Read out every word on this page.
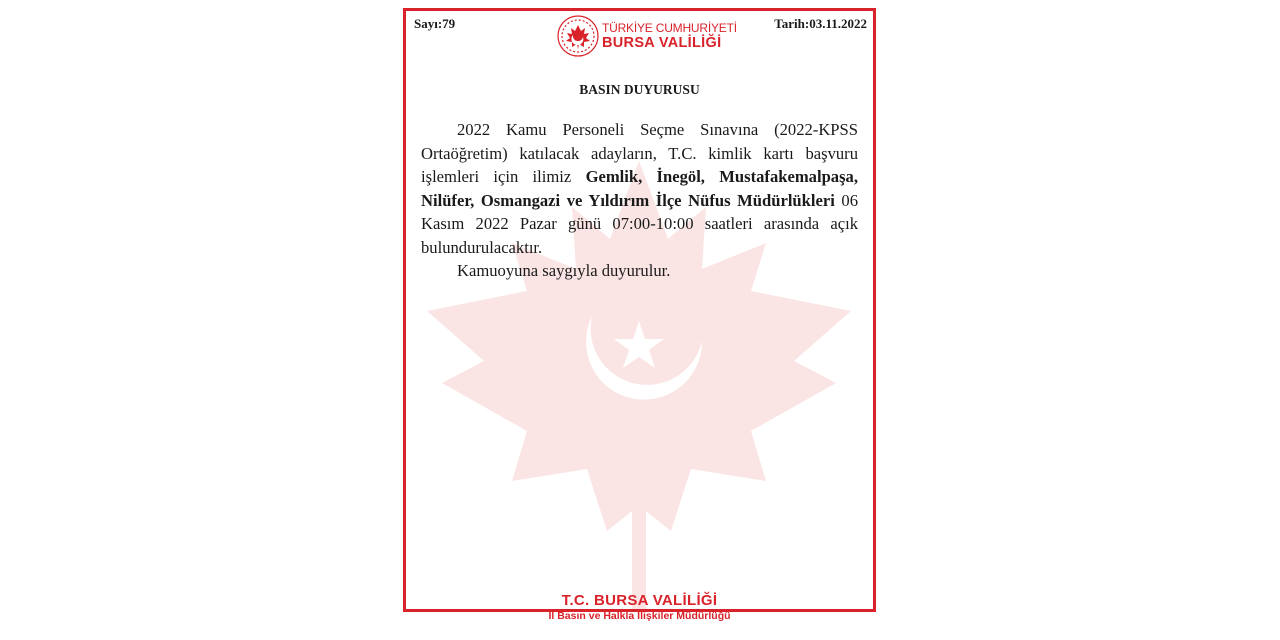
Sayı:79	Tarih:03.11.2022
TÜRKİYE CUMHURİYETİ
BURSA VALİLİĞİ
BASIN DUYURUSU

2022 Kamu Personeli Seçme Sınavına (2022-KPSS Ortaöğretim) katılacak adayların, T.C. kimlik kartı başvuru işlemleri için ilimiz Gemlik, İnegöl, Mustafakemalpaşa, Nilüfer, Osmangazi ve Yıldırım İlçe Nüfus Müdürlükleri 06 Kasım 2022 Pazar günü 07:00-10:00 saatleri arasında açık bulundurulacaktır.

Kamuoyuna saygıyla duyurulur.

T.C. BURSA VALİLİĞİ
İl Basın ve Halkla İlişkiler Müdürlüğü
